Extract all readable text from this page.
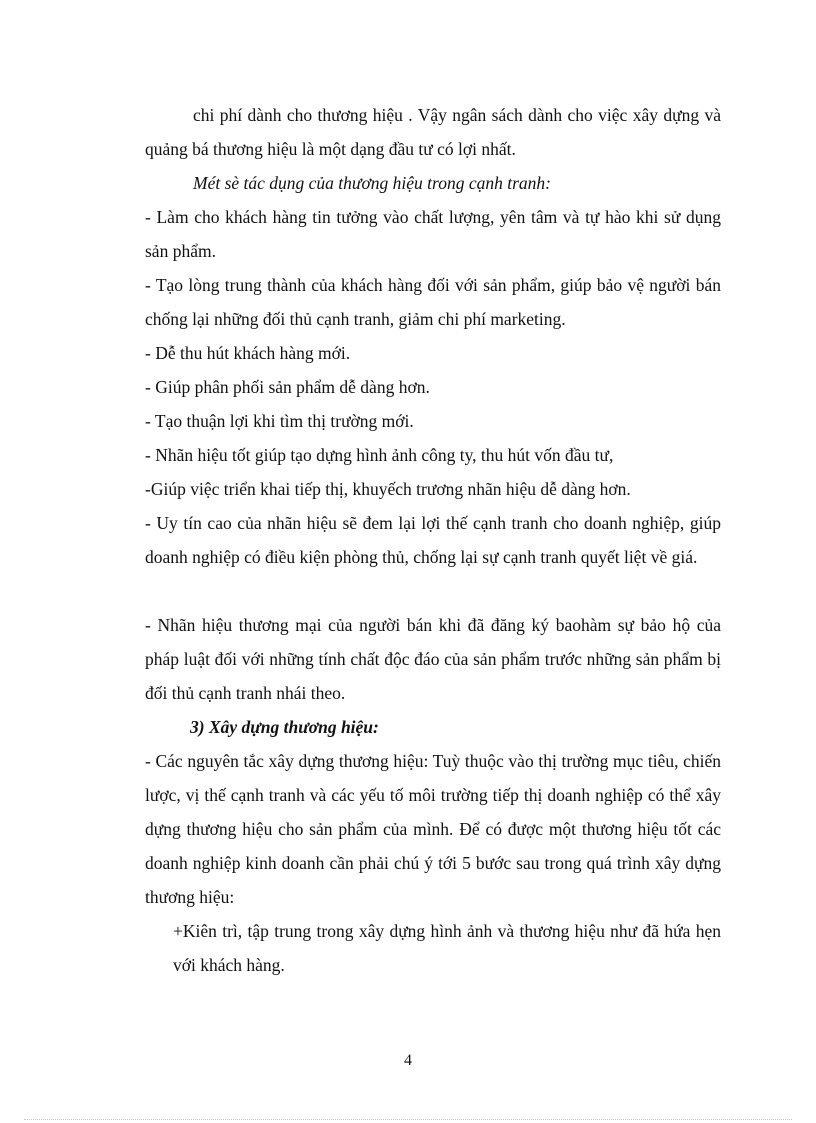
chi phí dành cho thương hiệu . Vậy ngân sách dành cho việc xây dựng và quảng bá thương hiệu là một dạng đầu tư có lợi nhất.

Mét sè tác dụng của thương hiệu trong cạnh tranh:

- Làm cho khách hàng tin tưởng vào chất lượng, yên tâm và tự hào khi sử dụng sản phẩm.

- Tạo lòng trung thành của khách hàng đối với sản phẩm, giúp bảo vệ người bán chống lại những đối thủ cạnh tranh, giảm chi phí marketing.

- Dễ thu hút khách hàng mới.

- Giúp phân phối sản phẩm dễ dàng hơn.

- Tạo thuận lợi khi tìm thị trường mới.

- Nhãn hiệu tốt giúp tạo dựng hình ảnh công ty, thu hút vốn đầu tư,

-Giúp việc triển khai tiếp thị, khuyếch trương nhãn hiệu dễ dàng hơn.

- Uy tín cao của nhãn hiệu sẽ đem lại lợi thế cạnh tranh cho doanh nghiệp, giúp doanh nghiệp có điều kiện phòng thủ, chống lại sự cạnh tranh quyết liệt về giá.

- Nhãn hiệu thương mại của người bán khi đã đăng ký baohàm sự bảo hộ của pháp luật đối với những tính chất độc đáo của sản phẩm trước những sản phẩm bị đối thủ cạnh tranh nhái theo.

3) Xây dựng thương hiệu:

- Các nguyên tắc xây dựng thương hiệu: Tuỳ thuộc vào thị trường mục tiêu, chiến lược, vị thế cạnh tranh và các yếu tố môi trường tiếp thị doanh nghiệp có thể xây dựng thương hiệu cho sản phẩm của mình. Để có được một thương hiệu tốt các doanh nghiệp kinh doanh cần phải chú ý tới 5 bước sau trong quá trình xây dựng thương hiệu:

+Kiên trì, tập trung trong xây dựng hình ảnh và thương hiệu như đã hứa hẹn với khách hàng.

4
